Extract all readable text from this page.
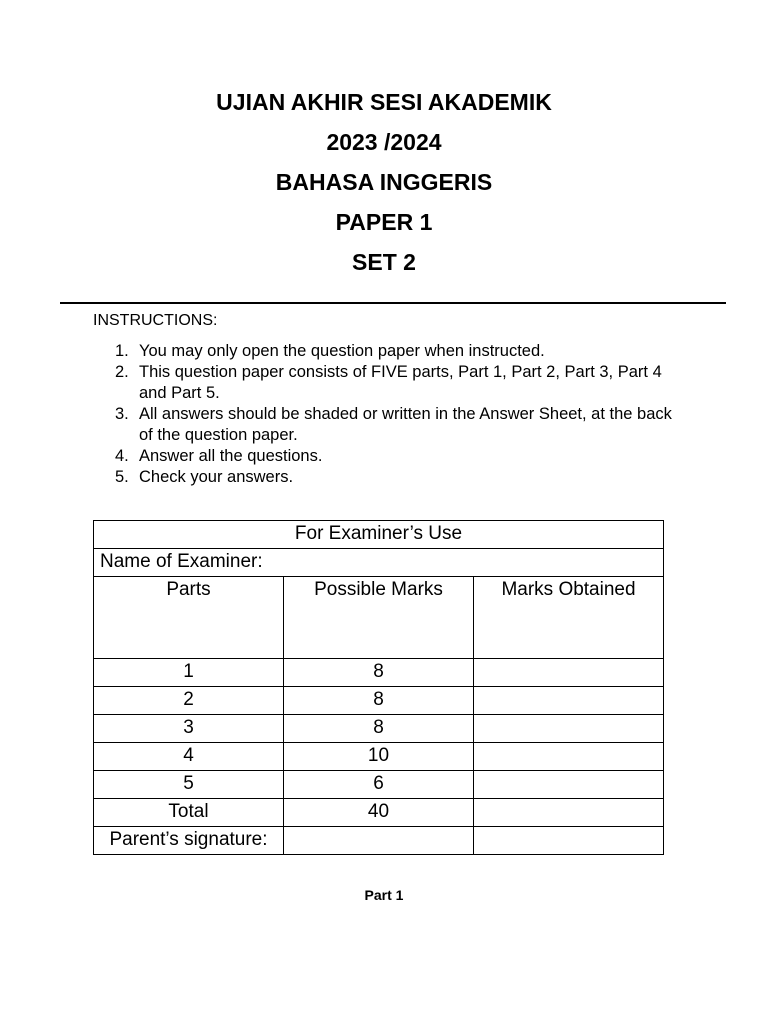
UJIAN AKHIR SESI AKADEMIK
2023 /2024
BAHASA INGGERIS
PAPER 1
SET 2
INSTRUCTIONS:
1. You may only open the question paper when instructed.
2. This question paper consists of FIVE parts, Part 1, Part 2, Part 3, Part 4 and Part 5.
3. All answers should be shaded or written in the Answer Sheet, at the back of the question paper.
4. Answer all the questions.
5. Check your answers.
For Examiner’s Use		
Name of Examiner:		
Parts	Possible Marks	Marks Obtained
1	8	
2	8	
3	8	
4	10	
5	6	
Total	40	
Parent’s signature:		
Part 1
